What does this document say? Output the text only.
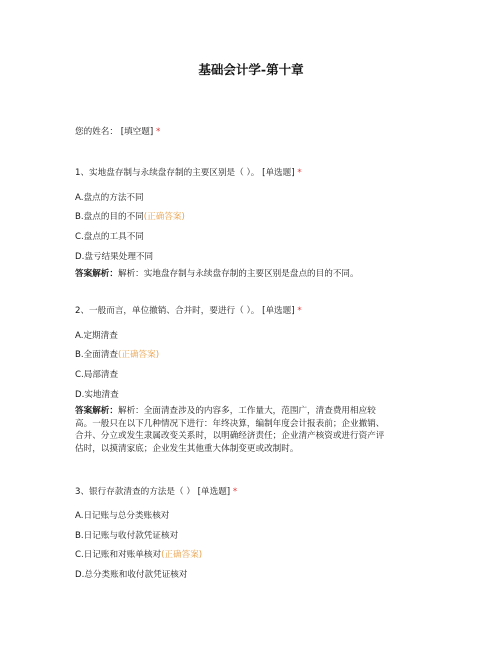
基础会计学-第十章
您的姓名： [填空题] *
1、实地盘存制与永续盘存制的主要区别是（ ）。 [单选题] *
A.盘点的方法不同
B.盘点的目的不同(正确答案)
C.盘点的工具不同
D.盘亏结果处理不同
答案解析：解析：实地盘存制与永续盘存制的主要区别是盘点的目的不同。
2、一般而言，单位撤销、合并时，要进行（ ）。 [单选题] *
A.定期清查
B.全面清查(正确答案)
C.局部清查
D.实地清查
答案解析：解析：全面清查涉及的内容多，工作量大，范围广，清查费用相应较
高。一般只在以下几种情况下进行：年终决算，编制年度会计报表前；企业撤销、
合并、分立或发生隶属改变关系时，以明确经济责任；企业清产核资或进行资产评
估时，以摸清家底；企业发生其他重大体制变更或改制时。
3、银行存款清查的方法是（ ） [单选题] *
A.日记账与总分类账核对
B.日记账与收付款凭证核对
C.日记账和对账单核对(正确答案)
D.总分类账和收付款凭证核对
